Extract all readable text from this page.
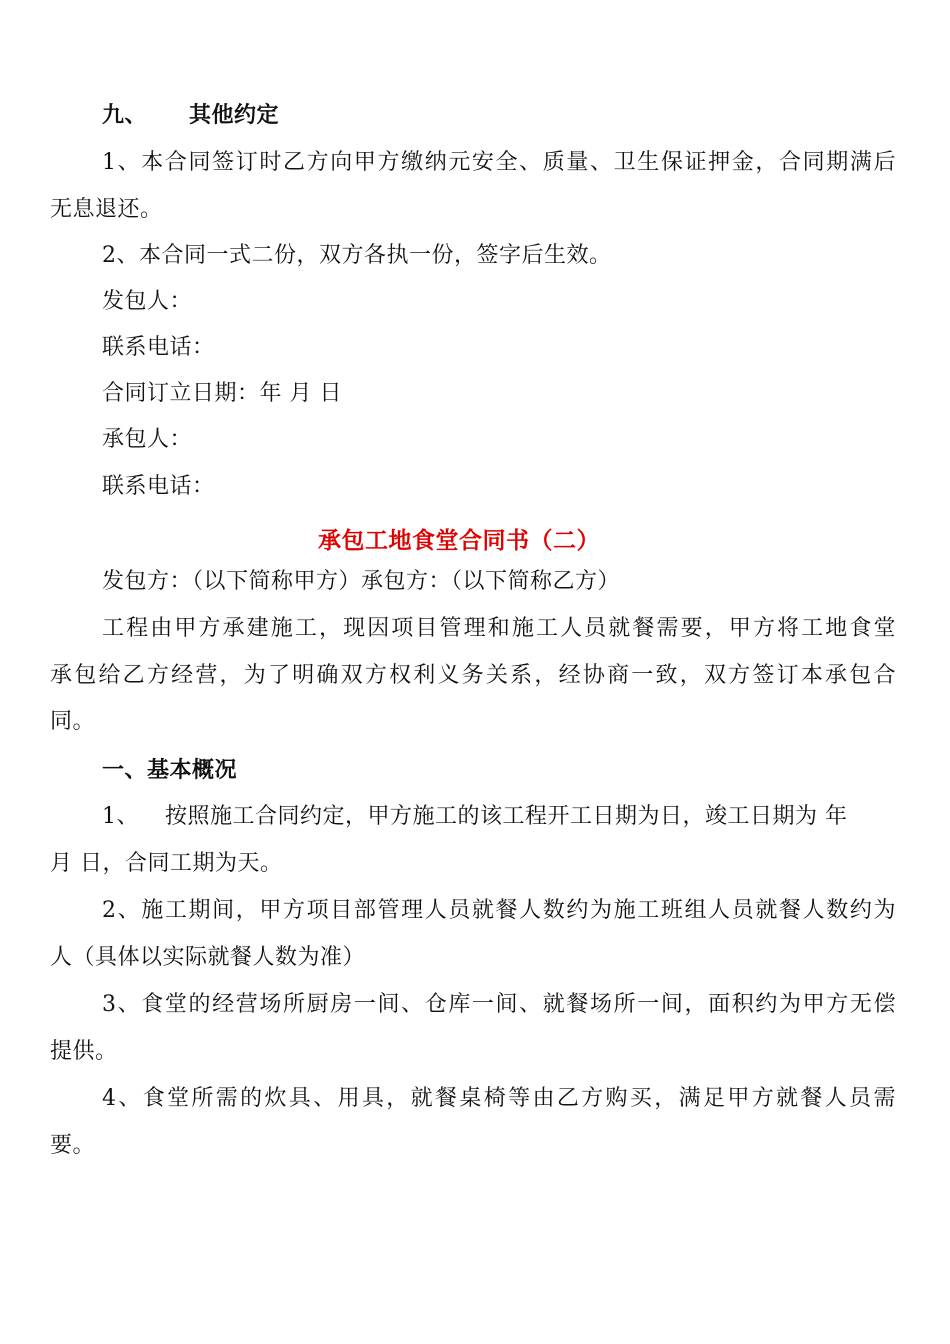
九、 其他约定
1、本合同签订时乙方向甲方缴纳元安全、质量、卫生保证押金，合同期满后
无息退还。
2、本合同一式二份，双方各执一份，签字后生效。
发包人：
联系电话：
合同订立日期：年 月 日
承包人：
联系电话：
承包工地食堂合同书（二）
发包方：（以下简称甲方）承包方：（以下简称乙方）
工程由甲方承建施工，现因项目管理和施工人员就餐需要，甲方将工地食堂
承包给乙方经营，为了明确双方权利义务关系，经协商一致，双方签订本承包合
同。
一、基本概况
1、 按照施工合同约定，甲方施工的该工程开工日期为日，竣工日期为 年
月 日，合同工期为天。
2、施工期间，甲方项目部管理人员就餐人数约为施工班组人员就餐人数约为
人（具体以实际就餐人数为准）
3、食堂的经营场所厨房一间、仓库一间、就餐场所一间，面积约为甲方无偿
提供。
4、食堂所需的炊具、用具，就餐桌椅等由乙方购买，满足甲方就餐人员需
要。
